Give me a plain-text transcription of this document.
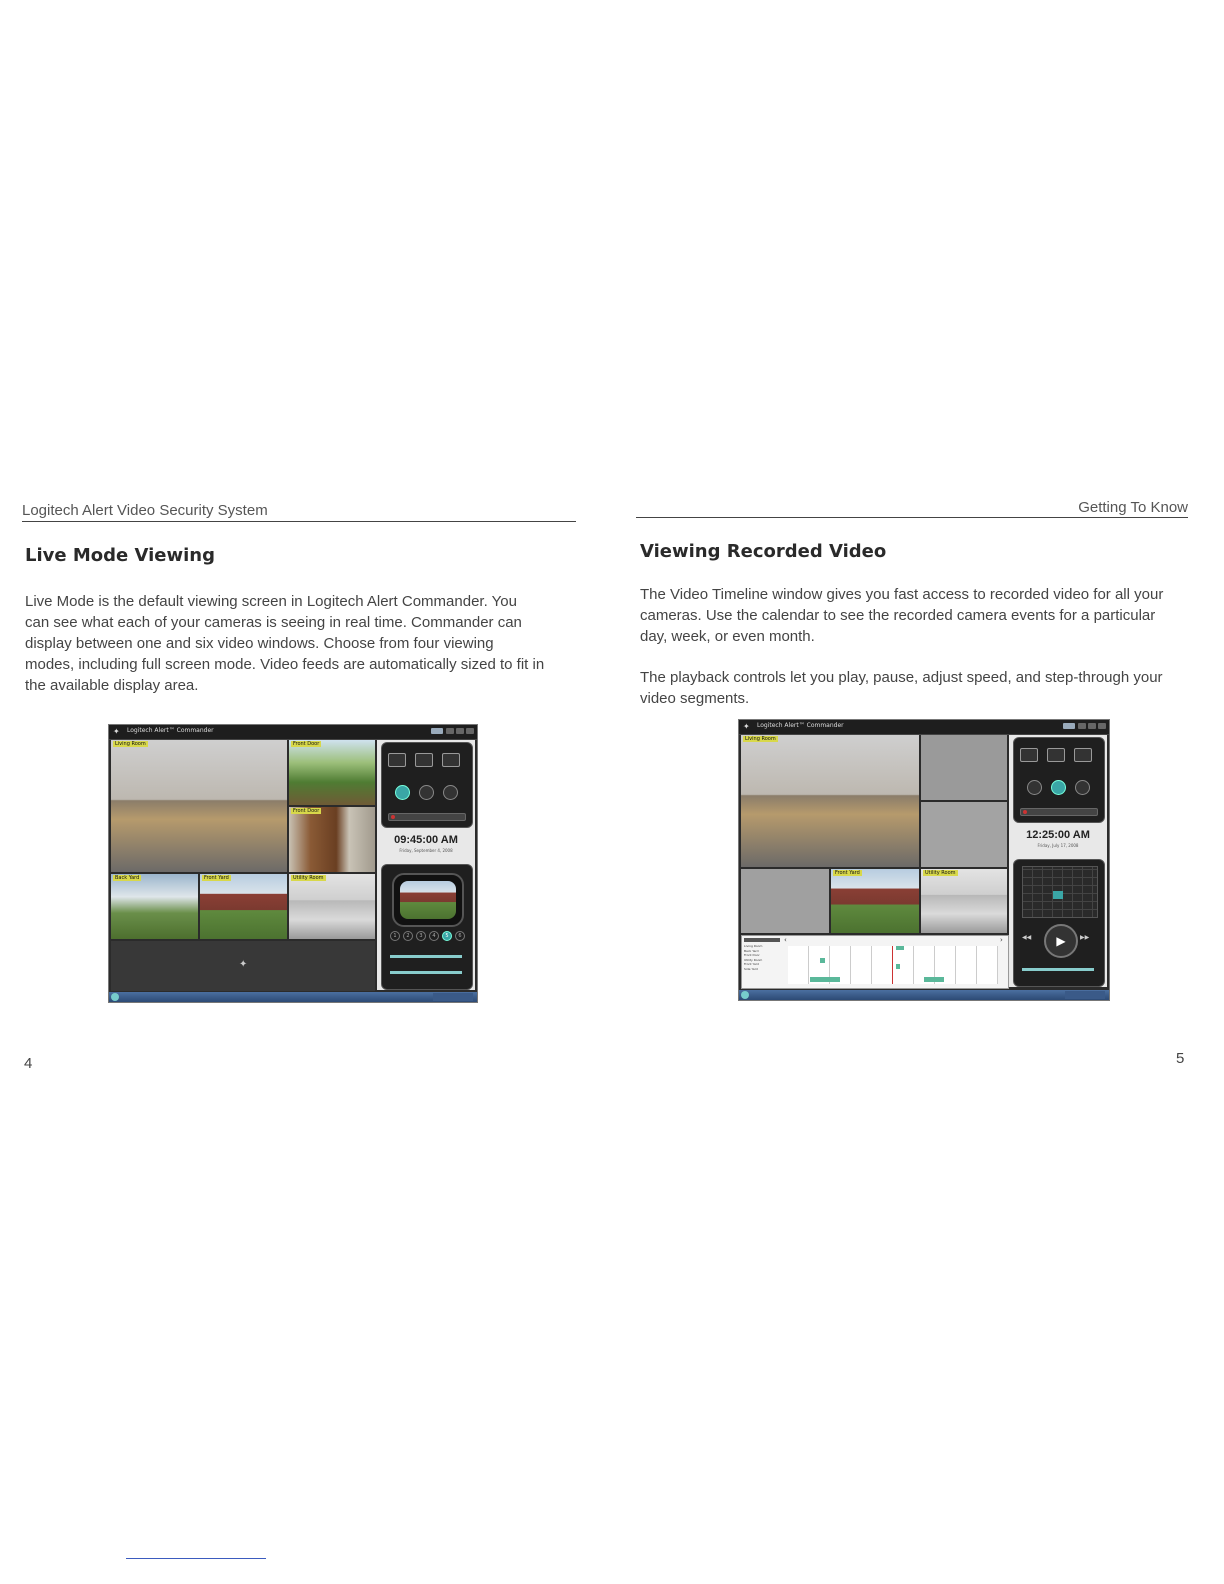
Logitech Alert Video Security System
Live Mode Viewing
Live Mode is the default viewing screen in Logitech Alert Commander. You can see what each of your cameras is seeing in real time. Commander can display between one and six video windows. Choose from four viewing modes, including full screen mode. Video feeds are automatically sized to fit in the available display area.
✦ Logitech Alert™ Commander
Living Room	Front Door
Front Door
Back Yard	Front Yard	Utility Room
✦
09:45:00 AM
Friday, September 4, 2008
1	2	3	4	5	6
4
Getting To Know
Viewing Recorded Video
The Video Timeline window gives you fast access to recorded video for all your cameras. Use the calendar to see the recorded camera events for a particular day, week, or even month.
The playback controls let you play, pause, adjust speed, and step-through your video segments.
✦ Logitech Alert™ Commander
Living Room
Front Yard	Utility Room
Living Room
Back Yard
Front Door
Utility Room
Front Yard
Side Yard
‹	›
12:25:00 AM
Friday, July 17, 2008
▶
◀◀	▶▶
5
